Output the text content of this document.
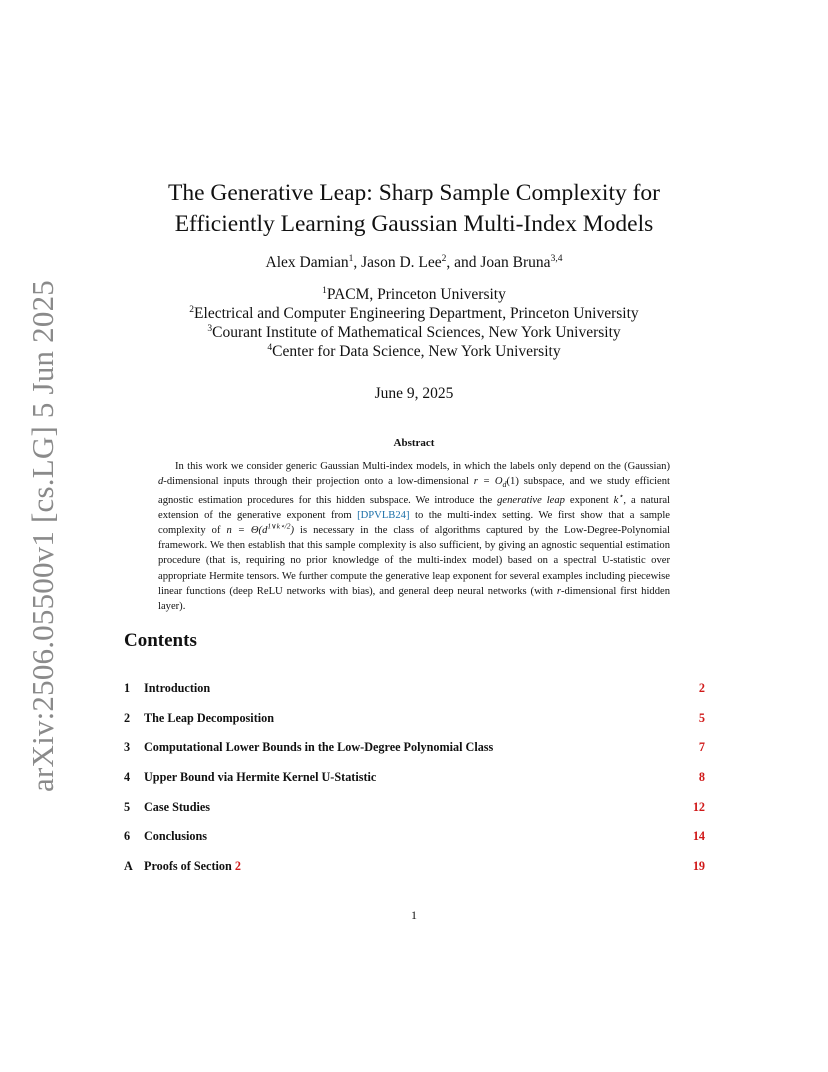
arXiv:2506.05500v1 [cs.LG] 5 Jun 2025
The Generative Leap: Sharp Sample Complexity for
Efficiently Learning Gaussian Multi-Index Models
Alex Damian$^1$, Jason D. Lee$^2$, and Joan Bruna$^{3,4}$
$^1$PACM, Princeton University
$^2$Electrical and Computer Engineering Department, Princeton University
$^3$Courant Institute of Mathematical Sciences, New York University
$^4$Center for Data Science, New York University
June 9, 2025
Abstract

In this work we consider generic Gaussian Multi-index models, in which the labels only depend on the (Gaussian) d-dimensional inputs through their projection onto a low-dimensional $r = O_d(1)$ subspace, and we study efficient agnostic estimation procedures for this hidden subspace. We introduce the generative leap exponent k⋆, a natural extension of the generative exponent from [DPVLB24] to the multi-index setting. We first show that a sample complexity of $n = \Theta(d^{1\vee k⋆/2})$ is necessary in the class of algorithms captured by the Low-Degree-Polynomial framework. We then establish that this sample complexity is also sufficient, by giving an agnostic sequential estimation procedure (that is, requiring no prior knowledge of the multi-index model) based on a spectral U-statistic over appropriate Hermite tensors. We further compute the generative leap exponent for several examples including piecewise linear functions (deep ReLU networks with bias), and general deep neural networks (with r-dimensional first hidden layer).

Contents
1 Introduction	2
2 The Leap Decomposition	5
3 Computational Lower Bounds in the Low-Degree Polynomial Class	7
4 Upper Bound via Hermite Kernel U-Statistic	8
5 Case Studies	12
6 Conclusions	14
A Proofs of Section 2	19
1
